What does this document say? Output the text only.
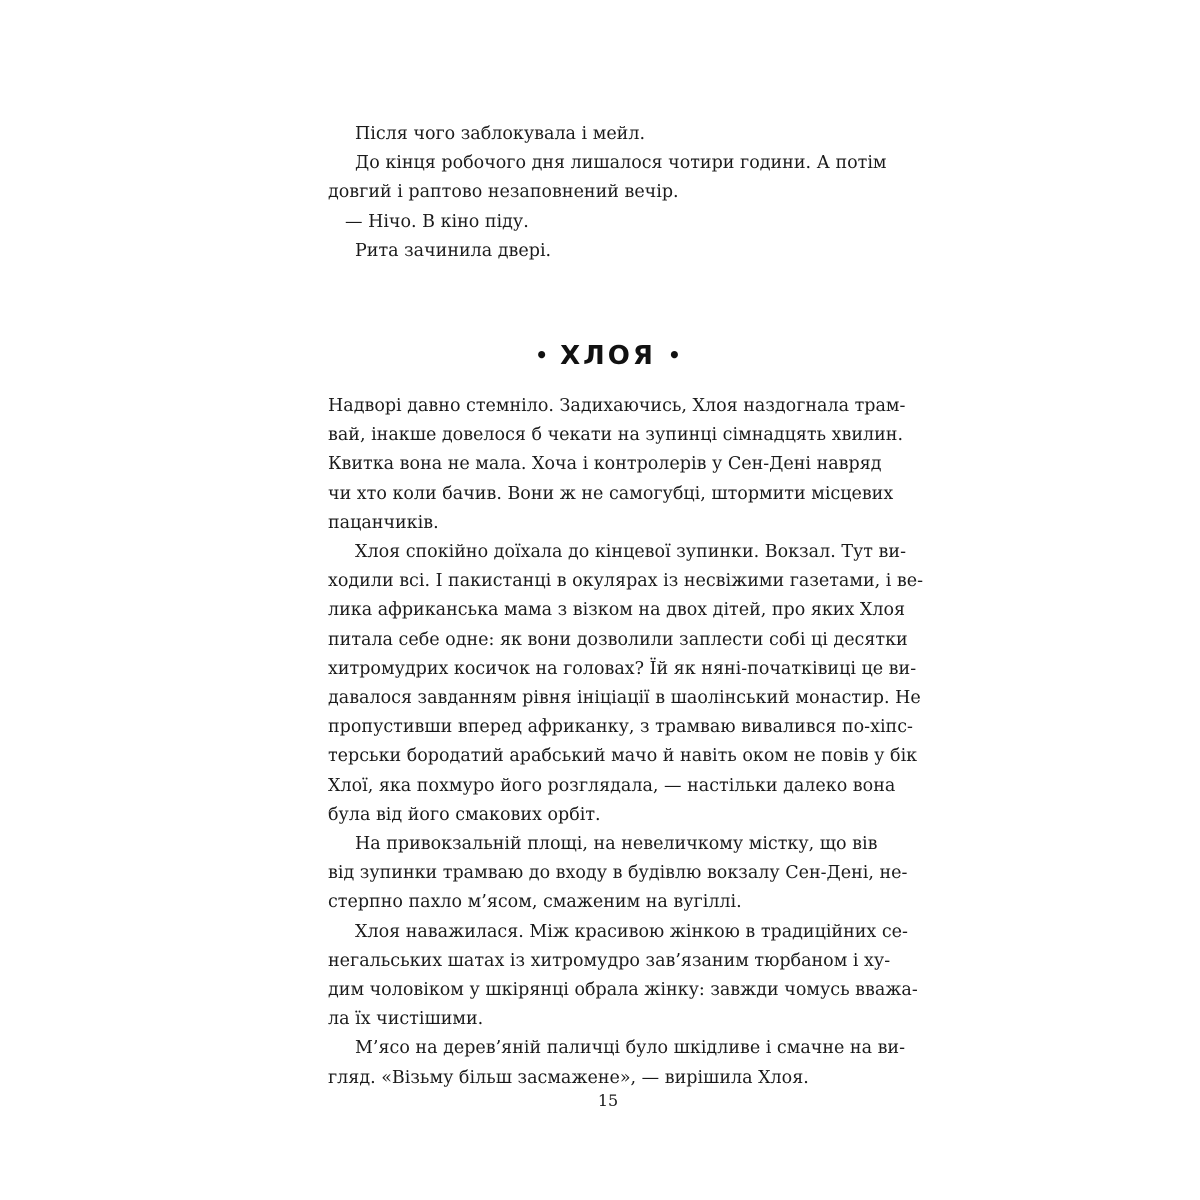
Після чого заблокувала і мейл.

До кінця робочого дня лишалося чотири години. А потім
довгий і раптово незаповнений вечір.

— Нічо. В кіно піду.

Рита зачинила двері.

• ХЛОЯ •

Надворі давно стемніло. Задихаючись, Хлоя наздогнала трам-
вай, інакше довелося б чекати на зупинці сімнадцять хвилин.
Квитка вона не мала. Хоча і контролерів у Сен-Дені навряд
чи хто коли бачив. Вони ж не самогубці, штормити місцевих
пацанчиків.

Хлоя спокійно доїхала до кінцевої зупинки. Вокзал. Тут ви-
ходили всі. І пакистанці в окулярах із несвіжими газетами, і ве-
лика африканська мама з візком на двох дітей, про яких Хлоя
питала себе одне: як вони дозволили заплести собі ці десятки
хитромудрих косичок на головах? Їй як няні-початківиці це ви-
давалося завданням рівня ініціації в шаолінський монастир. Не
пропустивши вперед африканку, з трамваю вивалився по-хіпс-
терськи бородатий арабський мачо й навіть оком не повів у бік
Хлої, яка похмуро його розглядала, — настільки далеко вона
була від його смакових орбіт.

На привокзальній площі, на невеличкому містку, що вів
від зупинки трамваю до входу в будівлю вокзалу Сен-Дені, не-
стерпно пахло м’ясом, смаженим на вугіллі.

Хлоя наважилася. Між красивою жінкою в традиційних се-
негальських шатах із хитромудро зав’язаним тюрбаном і ху-
дим чоловіком у шкірянці обрала жінку: завжди чомусь вважа-
ла їх чистішими.

М’ясо на дерев’яній паличці було шкідливе і смачне на ви-
гляд. «Візьму більш засмажене», — вирішила Хлоя.

15
